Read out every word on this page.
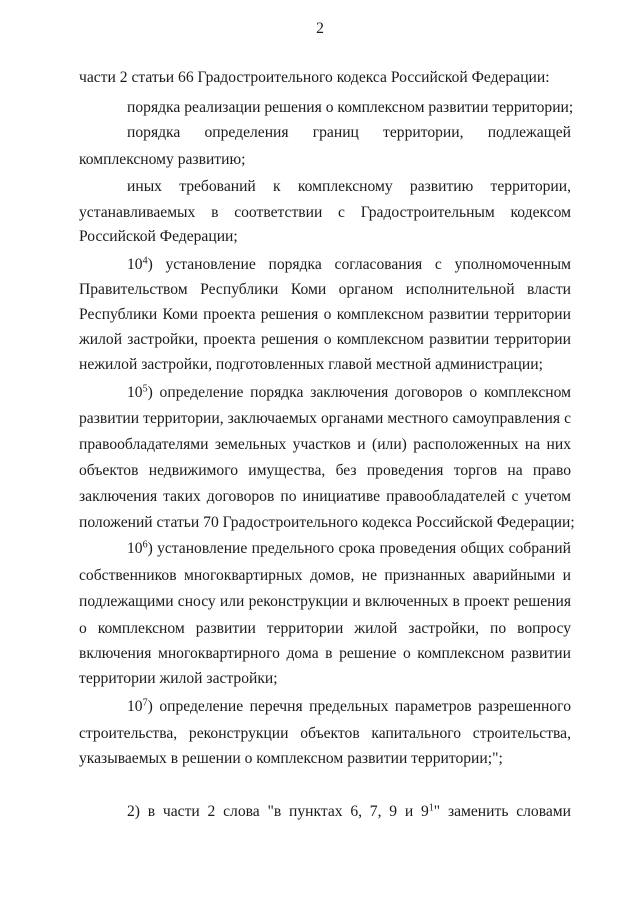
2
части 2 статьи 66 Градостроительного кодекса Российской Федерации:
порядка реализации решения о комплексном развитии территории;
порядка определения границ территории, подлежащей
комплексному развитию;
иных требований к комплексному развитию территории,
устанавливаемых в соответствии с Градостроительным кодексом
Российской Федерации;
$10^4$) установление порядка согласования с уполномоченным
Правительством Республики Коми органом исполнительной власти
Республики Коми проекта решения о комплексном развитии территории
жилой застройки, проекта решения о комплексном развитии территории
нежилой застройки, подготовленных главой местной администрации;
$10^5$) определение порядка заключения договоров о комплексном
развитии территории, заключаемых органами местного самоуправления с
правообладателями земельных участков и (или) расположенных на них
объектов недвижимого имущества, без проведения торгов на право
заключения таких договоров по инициативе правообладателей с учетом
положений статьи 70 Градостроительного кодекса Российской Федерации;
$10^6$) установление предельного срока проведения общих собраний
собственников многоквартирных домов, не признанных аварийными и
подлежащими сносу или реконструкции и включенных в проект решения
о комплексном развитии территории жилой застройки, по вопросу
включения многоквартирного дома в решение о комплексном развитии
территории жилой застройки;
$10^7$) определение перечня предельных параметров разрешенного
строительства, реконструкции объектов капитального строительства,
указываемых в решении о комплексном развитии территории;";
2) в части 2 слова "в пунктах 6, 7, 9 и $9^1$" заменить словами
